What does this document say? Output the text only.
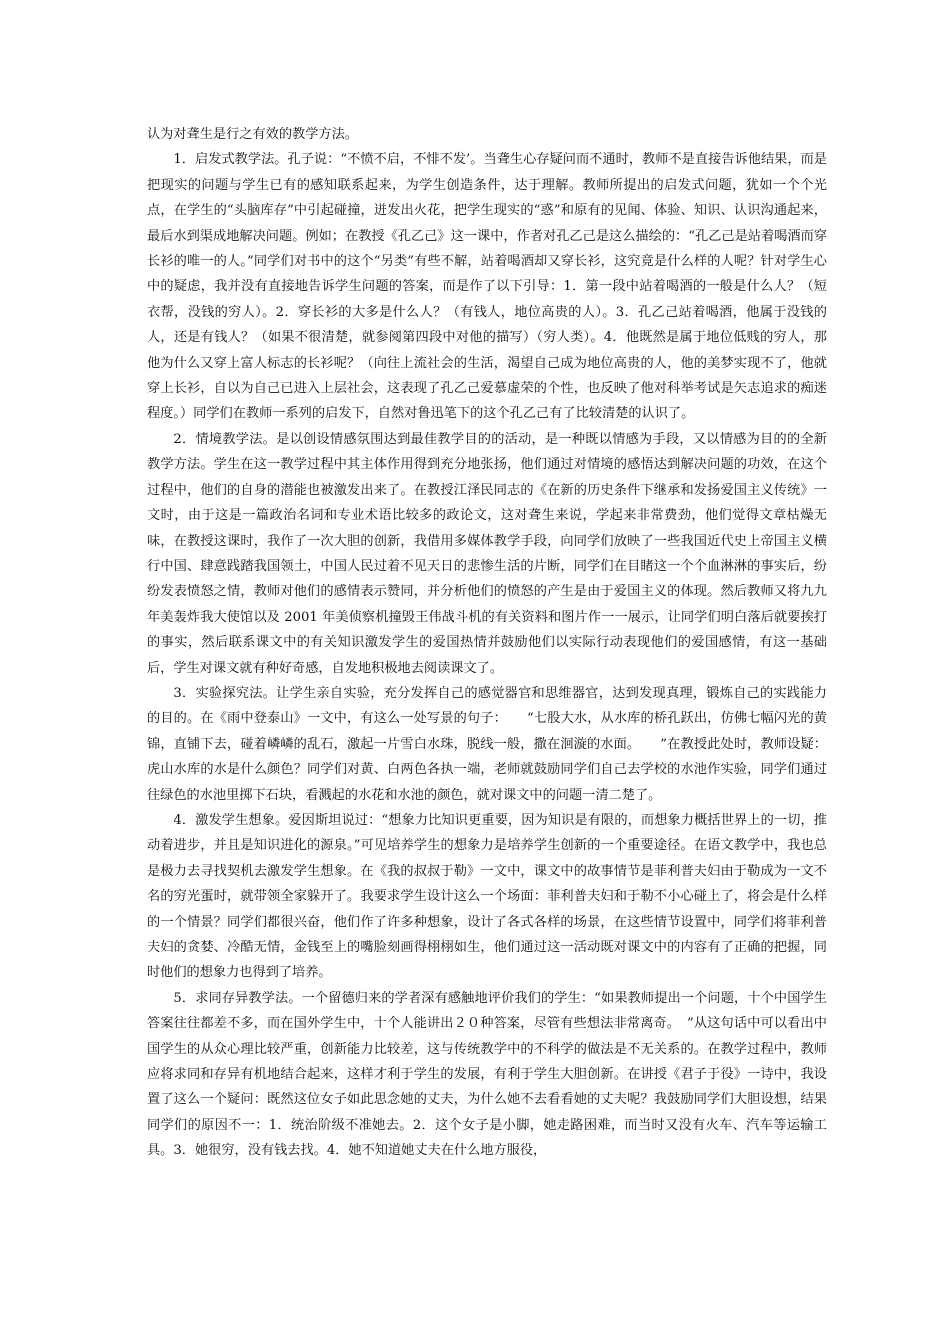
认为对聋生是行之有效的教学方法。

1．启发式教学法。孔子说：“不愤不启，不悱不发’。当聋生心存疑问而不通时，教师不是直接告诉他结果，而是把现实的问题与学生已有的感知联系起来，为学生创造条件，达于理解。教师所提出的启发式问题，犹如一个个光点，在学生的“头脑库存”中引起碰撞，迸发出火花，把学生现实的“惑”和原有的见闻、体验、知识、认识沟通起来，最后水到渠成地解决问题。例如；在教授《孔乙己》这一课中，作者对孔乙己是这么描绘的：“孔乙己是站着喝酒而穿长衫的唯一的人。”同学们对书中的这个“另类”有些不解，站着喝酒却又穿长衫，这究竟是什么样的人呢？针对学生心中的疑虑，我并没有直接地告诉学生问题的答案，而是作了以下引导：1．第一段中站着喝酒的一般是什么人？（短衣帮，没钱的穷人）。2．穿长衫的大多是什么人？（有钱人，地位高贵的人）。3．孔乙己站着喝酒，他属于没钱的人，还是有钱人？（如果不很清楚，就参阅第四段中对他的描写）（穷人类）。4．他既然是属于地位低贱的穷人，那他为什么又穿上富人标志的长衫呢？（向往上流社会的生活，渴望自己成为地位高贵的人，他的美梦实现不了，他就穿上长衫，自以为自己已进入上层社会，这表现了孔乙己爱慕虚荣的个性，也反映了他对科举考试是矢志追求的痴迷程度。）同学们在教师一系列的启发下，自然对鲁迅笔下的这个孔乙己有了比较清楚的认识了。

2．情境教学法。是以创设情感氛围达到最佳教学目的的活动，是一种既以情感为手段，又以情感为目的的全新教学方法。学生在这一教学过程中其主体作用得到充分地张扬，他们通过对情境的感悟达到解决问题的功效，在这个过程中，他们的自身的潜能也被激发出来了。在教授江泽民同志的《在新的历史条件下继承和发扬爱国主义传统》一文时，由于这是一篇政治名词和专业术语比较多的政论文，这对聋生来说，学起来非常费劲，他们觉得文章枯燥无味，在教授这课时，我作了一次大胆的创新，我借用多媒体教学手段，向同学们放映了一些我国近代史上帝国主义横行中国、肆意践踏我国领土，中国人民过着不见天日的悲惨生活的片断，同学们在目睹这一个个血淋淋的事实后，纷纷发表愤怒之情，教师对他们的感情表示赞同，并分析他们的愤怒的产生是由于爱国主义的体现。然后教师又将九九年美轰炸我大使馆以及 2001 年美侦察机撞毁王伟战斗机的有关资料和图片作一一展示，让同学们明白落后就要挨打的事实，然后联系课文中的有关知识激发学生的爱国热情并鼓励他们以实际行动表现他们的爱国感情，有这一基础后，学生对课文就有种好奇感，自发地积极地去阅读课文了。

3．实验探究法。让学生亲自实验，充分发挥自己的感觉器官和思维器官，达到发现真理，锻炼自己的实践能力的目的。在《雨中登泰山》一文中，有这么一处写景的句子：　　“七股大水，从水库的桥孔跃出，仿佛七幅闪光的黄锦，直铺下去，碰着嶙嶙的乱石，激起一片雪白水珠，脱线一般，撒在洄漩的水面。　　”在教授此处时，教师设疑：虎山水库的水是什么颜色？同学们对黄、白两色各执一端，老师就鼓励同学们自己去学校的水池作实验，同学们通过往绿色的水池里掷下石块，看溅起的水花和水池的颜色，就对课文中的问题一清二楚了。

4．激发学生想象。爱因斯坦说过：“想象力比知识更重要，因为知识是有限的，而想象力概括世界上的一切，推动着进步，并且是知识进化的源泉。”可见培养学生的想象力是培养学生创新的一个重要途径。在语文教学中，我也总是极力去寻找契机去激发学生想象。在《我的叔叔于勒》一文中，课文中的故事情节是菲利普夫妇由于勒成为一文不名的穷光蛋时，就带领全家躲开了。我要求学生设计这么一个场面：菲利普夫妇和于勒不小心碰上了，将会是什么样的一个情景？同学们都很兴奋，他们作了许多种想象，设计了各式各样的场景，在这些情节设置中，同学们将菲利普夫妇的贪婪、冷酷无情，金钱至上的嘴脸刻画得栩栩如生，他们通过这一活动既对课文中的内容有了正确的把握，同时他们的想象力也得到了培养。

5．求同存异教学法。一个留德归来的学者深有感触地评价我们的学生：“如果教师提出一个问题，十个中国学生答案往往都差不多，而在国外学生中，十个人能讲出２０种答案，尽管有些想法非常离奇。　”从这句话中可以看出中国学生的从众心理比较严重，创新能力比较差，这与传统教学中的不科学的做法是不无关系的。在教学过程中，教师应将求同和存异有机地结合起来，这样才利于学生的发展，有利于学生大胆创新。在讲授《君子于役》一诗中，我设置了这么一个疑问：既然这位女子如此思念她的丈夫，为什么她不去看看她的丈夫呢？我鼓励同学们大胆设想，结果同学们的原因不一：1．统治阶级不准她去。2．这个女子是小脚，她走路困难，而当时又没有火车、汽车等运输工具。3．她很穷，没有钱去找。4．她不知道她丈夫在什么地方服役，
